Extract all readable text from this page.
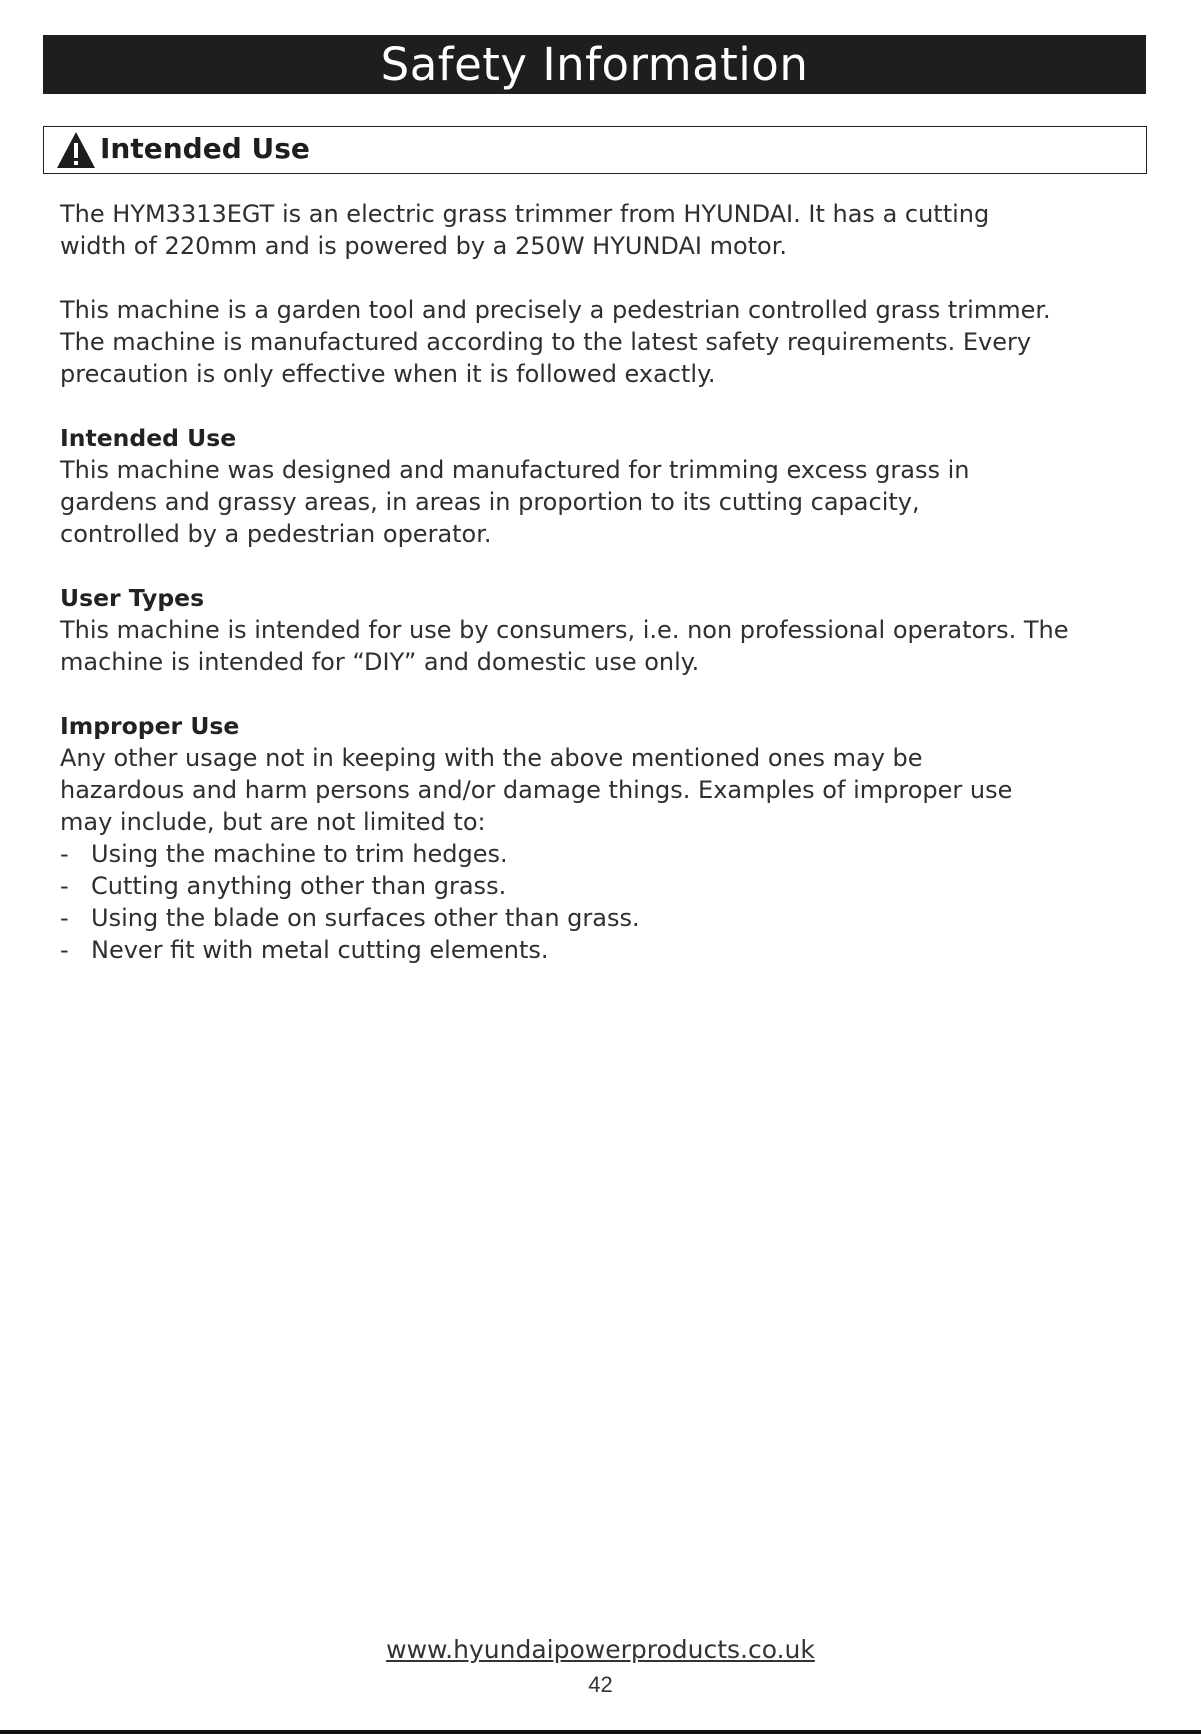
Safety Information
Intended Use

The HYM3313EGT is an electric grass trimmer from HYUNDAI. It has a cutting

width of 220mm and is powered by a 250W HYUNDAI motor.

This machine is a garden tool and precisely a pedestrian controlled grass trimmer.

The machine is manufactured according to the latest safety requirements. Every

precaution is only effective when it is followed exactly.

Intended Use

This machine was designed and manufactured for trimming excess grass in

gardens and grassy areas, in areas in proportion to its cutting capacity,

controlled by a pedestrian operator.

User Types

This machine is intended for use by consumers, i.e. non professional operators. The

machine is intended for “DIY” and domestic use only.

Improper Use

Any other usage not in keeping with the above mentioned ones may be

hazardous and harm persons and/or damage things. Examples of improper use

may include, but are not limited to:

- Using the machine to trim hedges.
- Cutting anything other than grass.
- Using the blade on surfaces other than grass.
- Never fit with metal cutting elements.
www.hyundaipowerproducts.co.uk
42
